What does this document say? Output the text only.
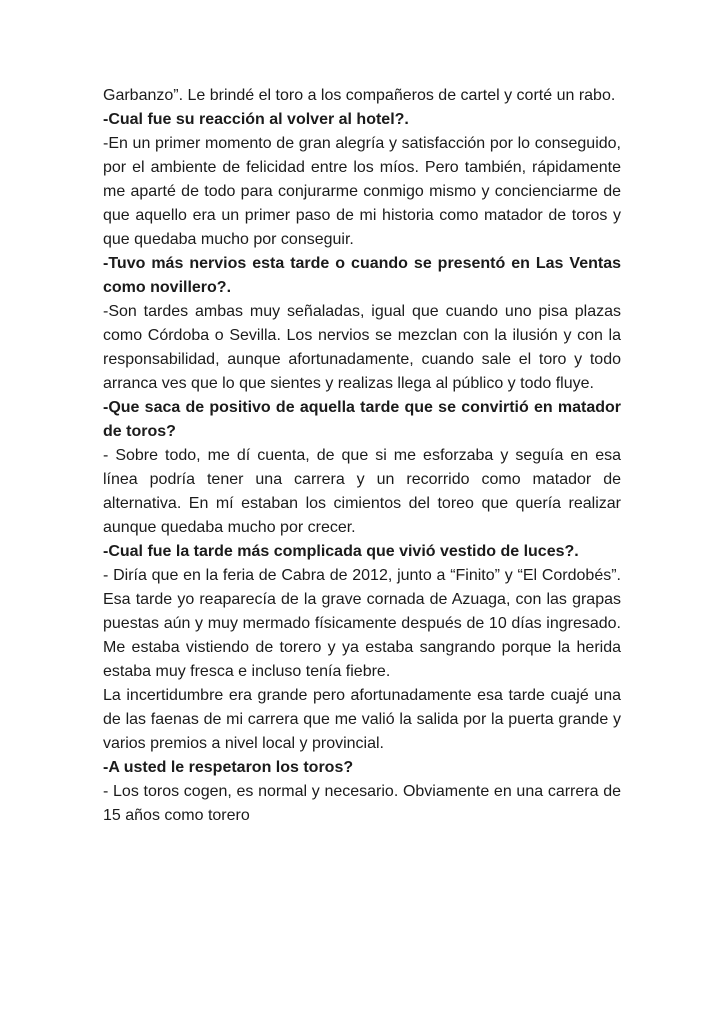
Garbanzo”. Le brindé el toro a los compañeros de cartel y corté un rabo.

-Cual fue su reacción al volver al hotel?.

-En un primer momento de gran alegría y satisfacción por lo conseguido, por el ambiente de felicidad entre los míos. Pero también, rápidamente me aparté de todo para conjurarme conmigo mismo y concienciarme de que aquello era un primer paso de mi historia como matador de toros y que quedaba mucho por conseguir.

-Tuvo más nervios esta tarde o cuando se presentó en Las Ventas como novillero?.

-Son tardes ambas muy señaladas, igual que cuando uno pisa plazas como Córdoba o Sevilla. Los nervios se mezclan con la ilusión y con la responsabilidad, aunque afortunadamente, cuando sale el toro y todo arranca ves que lo que sientes y realizas llega al público y todo fluye.

-Que saca de positivo de aquella tarde que se convirtió en matador de toros?

- Sobre todo, me dí cuenta, de que si me esforzaba y seguía en esa línea podría tener una carrera y un recorrido como matador de alternativa. En mí estaban los cimientos del toreo que quería realizar aunque quedaba mucho por crecer.

-Cual fue la tarde más complicada que vivió vestido de luces?.

- Diría que en la feria de Cabra de 2012, junto a “Finito” y “El Cordobés”. Esa tarde yo reaparecía de la grave cornada de Azuaga, con las grapas puestas aún y muy mermado físicamente después de 10 días ingresado. Me estaba vistiendo de torero y ya estaba sangrando porque la herida estaba muy fresca e incluso tenía fiebre.

La incertidumbre era grande pero afortunadamente esa tarde cuajé una de las faenas de mi carrera que me valió la salida por la puerta grande y varios premios a nivel local y provincial.

-A usted le respetaron los toros?

- Los toros cogen, es normal y necesario. Obviamente en una carrera de 15 años como torero
